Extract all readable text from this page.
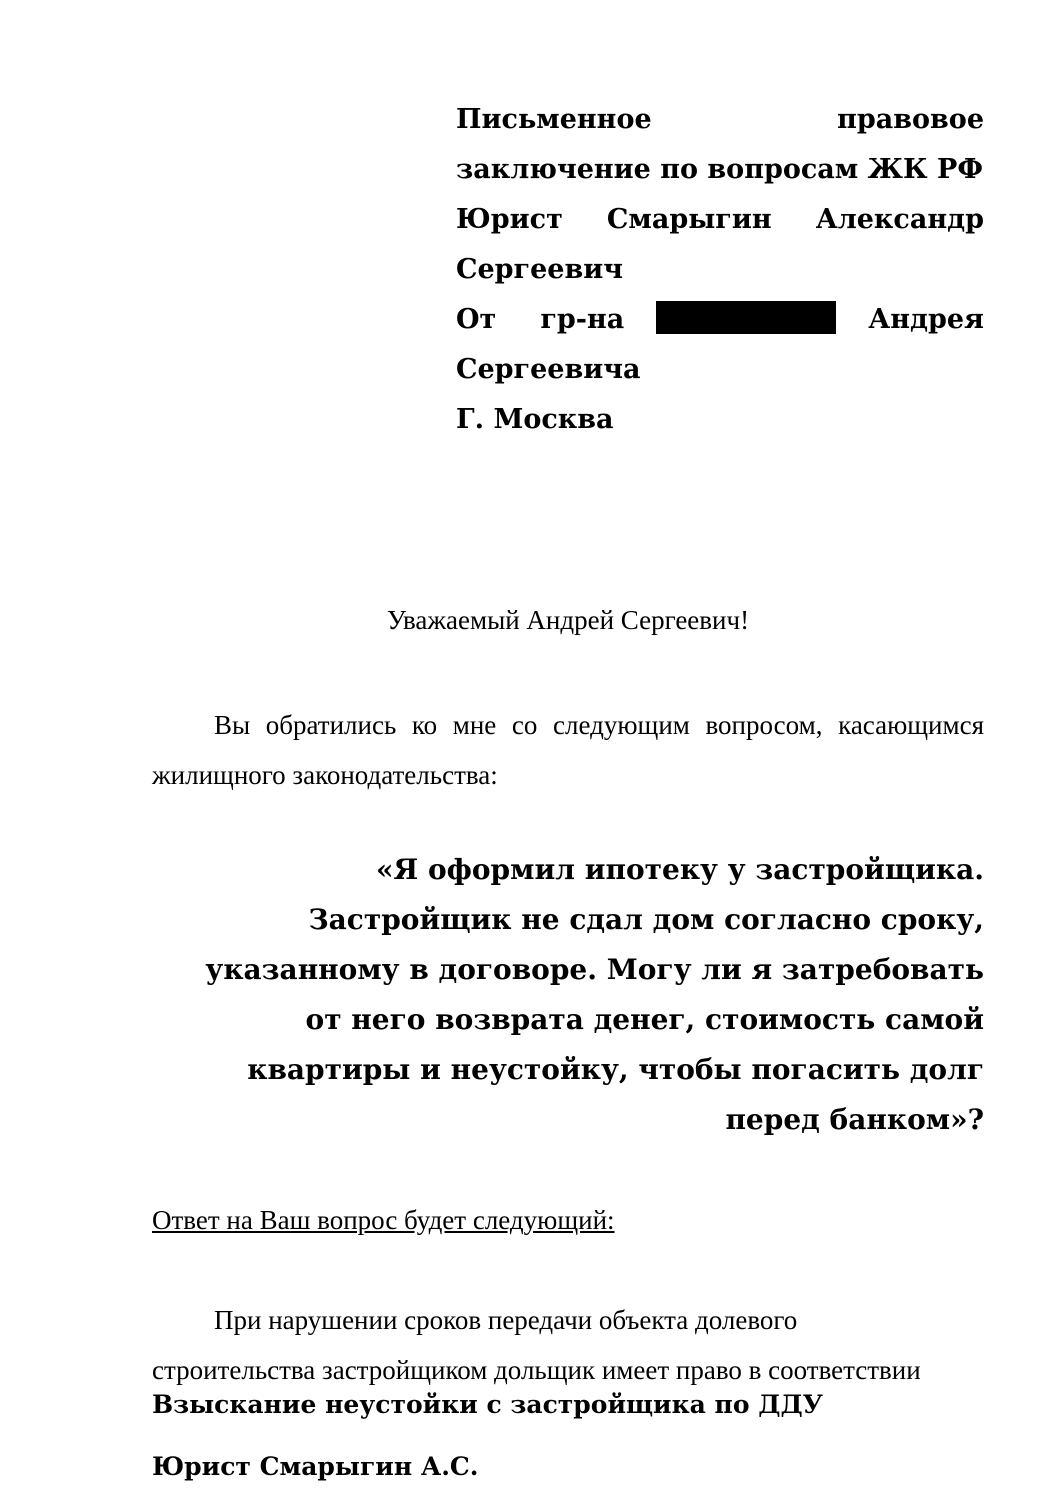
Письменное правовое заключение по вопросам ЖК РФ

Юрист Смарыгин Александр Сергеевич

От гр-на	Андрея Сергеевича

Г. Москва

Уважаемый Андрей Сергеевич!

Вы обратились ко мне со следующим вопросом, касающимся жилищного законодательства:

«Я оформил ипотеку у застройщика.
Застройщик не сдал дом согласно сроку,
указанному в договоре. Могу ли я затребовать
от него возврата денег, стоимость самой
квартиры и неустойку, чтобы погасить долг
перед банком»?

Ответ на Ваш вопрос будет следующий:

При нарушении сроков передачи объекта долевого
строительства застройщиком дольщик имеет право в соответствии

Взыскание неустойки с застройщика по ДДУ

Юрист Смарыгин А.С.
